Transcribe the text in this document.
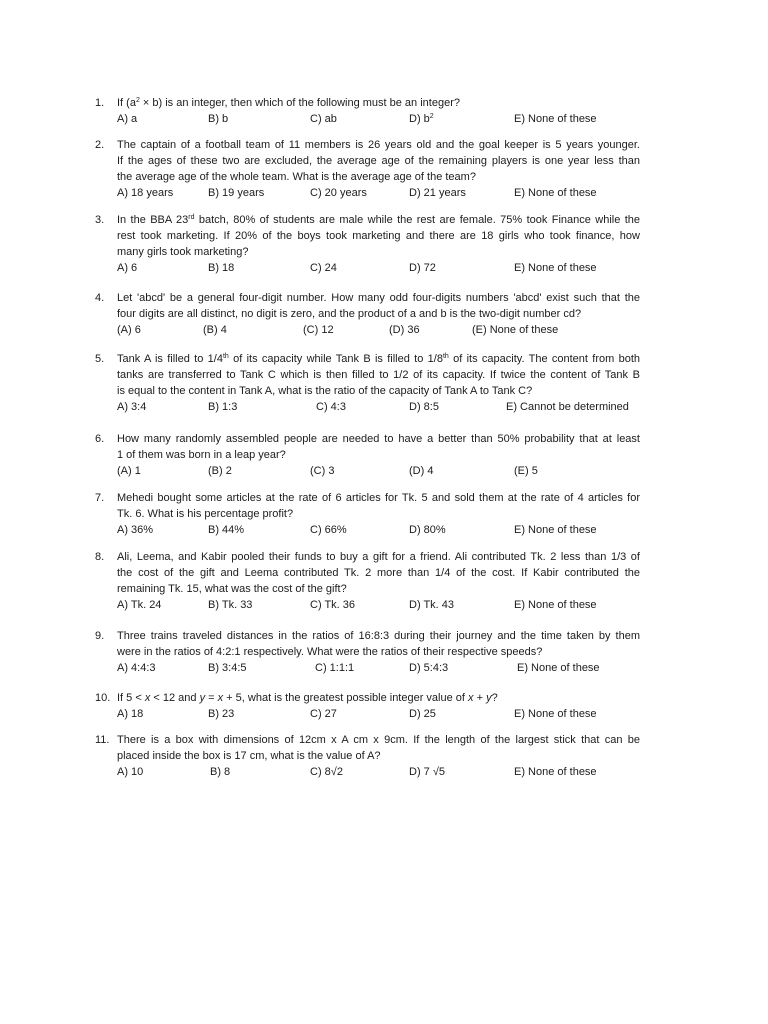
1. If $(a^2 \times b)$ is an integer, then which of the following must be an integer?
A) a	B) b	C) ab	D) $b^2$	E) None of these
2. The captain of a football team of 11 members is 26 years old and the goal keeper is 5 years younger.
If the ages of these two are excluded, the average age of the remaining players is one year less than
the average age of the whole team. What is the average age of the team?
A) 18 years	B) 19 years	C) 20 years	D) 21 years	E) None of these
3. In the BBA 23rd batch, 80% of students are male while the rest are female. 75% took Finance while the
rest took marketing. If 20% of the boys took marketing and there are 18 girls who took finance, how
many girls took marketing?
A) 6	B) 18	C) 24	D) 72	E) None of these
4. Let 'abcd' be a general four-digit number. How many odd four-digits numbers 'abcd' exist such that the
four digits are all distinct, no digit is zero, and the product of a and b is the two-digit number cd?
(A) 6	(B) 4	(C) 12	(D) 36	(E) None of these
5. Tank A is filled to 1/4th of its capacity while Tank B is filled to 1/8th of its capacity. The content from both
tanks are transferred to Tank C which is then filled to 1/2 of its capacity. If twice the content of Tank B
is equal to the content in Tank A, what is the ratio of the capacity of Tank A to Tank C?
A) 3:4	B) 1:3	C) 4:3	D) 8:5	E) Cannot be determined
6. How many randomly assembled people are needed to have a better than 50% probability that at least
1 of them was born in a leap year?
(A) 1	(B) 2	(C) 3	(D) 4	(E) 5
7. Mehedi bought some articles at the rate of 6 articles for Tk. 5 and sold them at the rate of 4 articles for
Tk. 6. What is his percentage profit?
A) 36%	B) 44%	C) 66%	D) 80%	E) None of these
8. Ali, Leema, and Kabir pooled their funds to buy a gift for a friend. Ali contributed Tk. 2 less than 1/3 of
the cost of the gift and Leema contributed Tk. 2 more than 1/4 of the cost. If Kabir contributed the
remaining Tk. 15, what was the cost of the gift?
A) Tk. 24	B) Tk. 33	C) Tk. 36	D) Tk. 43	E) None of these
9. Three trains traveled distances in the ratios of 16:8:3 during their journey and the time taken by them
were in the ratios of 4:2:1 respectively. What were the ratios of their respective speeds?
A) 4:4:3	B) 3:4:5	C) 1:1:1	D) 5:4:3	E) None of these
10. If 5 < x < 12 and y = x + 5, what is the greatest possible integer value of x + y?
A) 18	B) 23	C) 27	D) 25	E) None of these
11. There is a box with dimensions of 12cm x A cm x 9cm. If the length of the largest stick that can be
placed inside the box is 17 cm, what is the value of A?
A) 10	B) 8	C) 8√2	D) 7 √5	E) None of these
